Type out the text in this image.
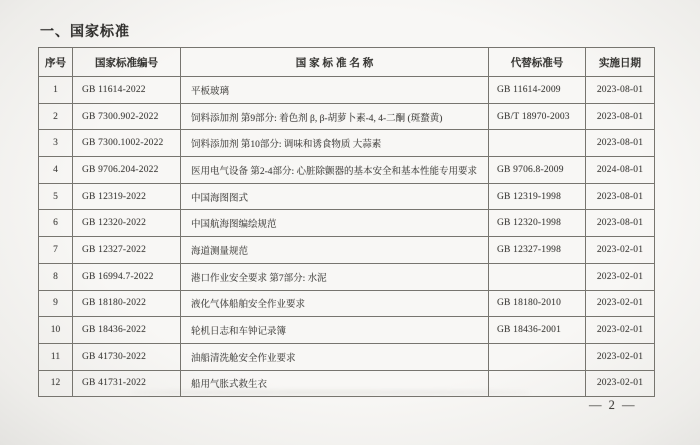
一、国家标准
序号	国家标准编号	国 家 标 准 名 称	代替标准号	实施日期
1	GB 11614-2022	平板玻璃	GB 11614-2009	2023-08-01
2	GB 7300.902-2022	饲料添加剂 第9部分: 着色剂 β, β-胡萝卜素-4, 4-二酮 (斑蝥黄)	GB/T 18970-2003	2023-08-01
3	GB 7300.1002-2022	饲料添加剂 第10部分: 调味和诱食物质 大蒜素		2023-08-01
4	GB 9706.204-2022	医用电气设备 第2-4部分: 心脏除颤器的基本安全和基本性能专用要求	GB 9706.8-2009	2024-08-01
5	GB 12319-2022	中国海图图式	GB 12319-1998	2023-08-01
6	GB 12320-2022	中国航海图编绘规范	GB 12320-1998	2023-08-01
7	GB 12327-2022	海道测量规范	GB 12327-1998	2023-02-01
8	GB 16994.7-2022	港口作业安全要求 第7部分: 水泥		2023-02-01
9	GB 18180-2022	液化气体船舶安全作业要求	GB 18180-2010	2023-02-01
10	GB 18436-2022	轮机日志和车钟记录簿	GB 18436-2001	2023-02-01
11	GB 41730-2022	油船清洗舱安全作业要求		2023-02-01
12	GB 41731-2022	船用气胀式救生衣		2023-02-01
— 2 —
